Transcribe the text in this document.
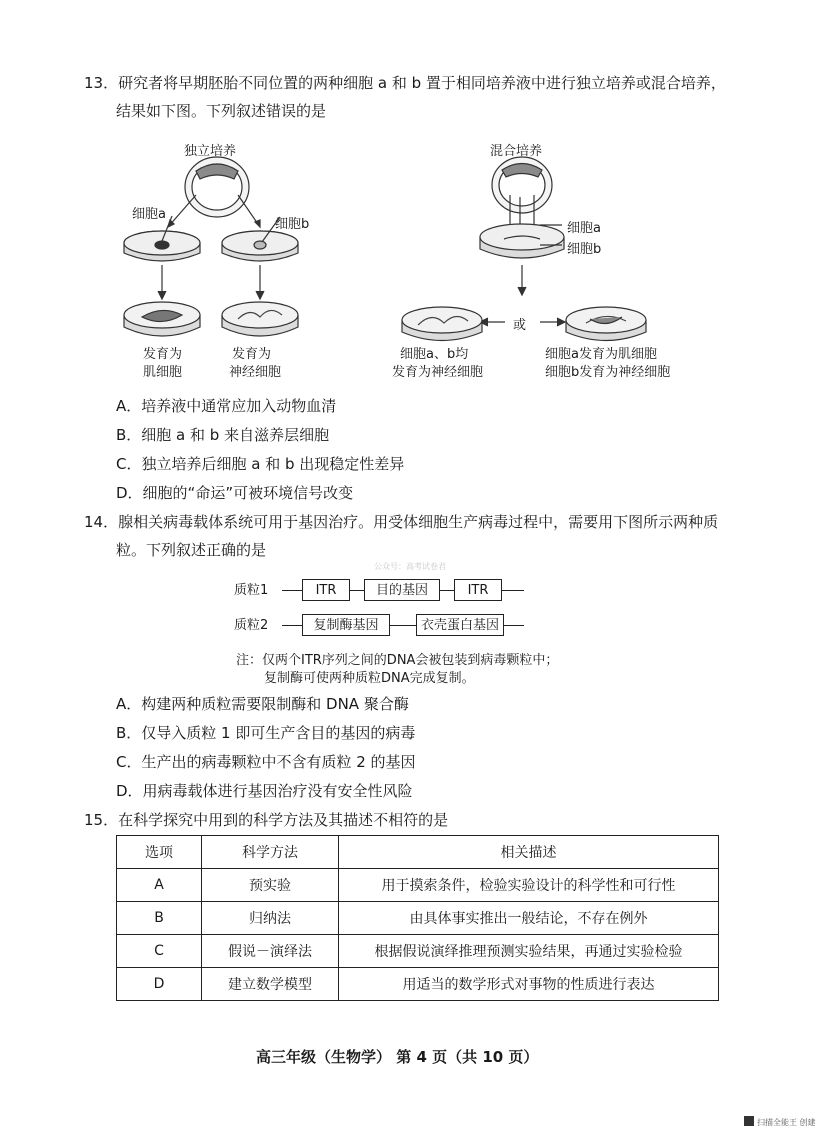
13．研究者将早期胚胎不同位置的两种细胞 a 和 b 置于相同培养液中进行独立培养或混合培养，
结果如下图。下列叙述错误的是
独立培养	混合培养
细胞a
细胞b	细胞a
细胞b
发育为
肌细胞
发育为
神经细胞
或
细胞a、b均
发育为神经细胞
细胞a发育为肌细胞
细胞b发育为神经细胞
A．培养液中通常应加入动物血清
B．细胞 a 和 b 来自滋养层细胞
C．独立培养后细胞 a 和 b 出现稳定性差异
D．细胞的“命运”可被环境信号改变
14．腺相关病毒载体系统可用于基因治疗。用受体细胞生产病毒过程中，需要用下图所示两种质
粒。下列叙述正确的是
公众号：高考试卷君
质粒1	ITR	目的基因	ITR
质粒2	复制酶基因	衣壳蛋白基因
注：仅两个ITR序列之间的DNA会被包装到病毒颗粒中；
复制酶可使两种质粒DNA完成复制。
A．构建两种质粒需要限制酶和 DNA 聚合酶
B．仅导入质粒 1 即可生产含目的基因的病毒
C．生产出的病毒颗粒中不含有质粒 2 的基因
D．用病毒载体进行基因治疗没有安全性风险
15．在科学探究中用到的科学方法及其描述不相符的是
选项	科学方法	相关描述
A	预实验	用于摸索条件，检验实验设计的科学性和可行性
B	归纳法	由具体事实推出一般结论，不存在例外
C	假说－演绎法	根据假说演绎推理预测实验结果，再通过实验检验
D	建立数学模型	用适当的数学形式对事物的性质进行表达
高三年级（生物学） 第 4 页（共 10 页）
扫描全能王 创建
